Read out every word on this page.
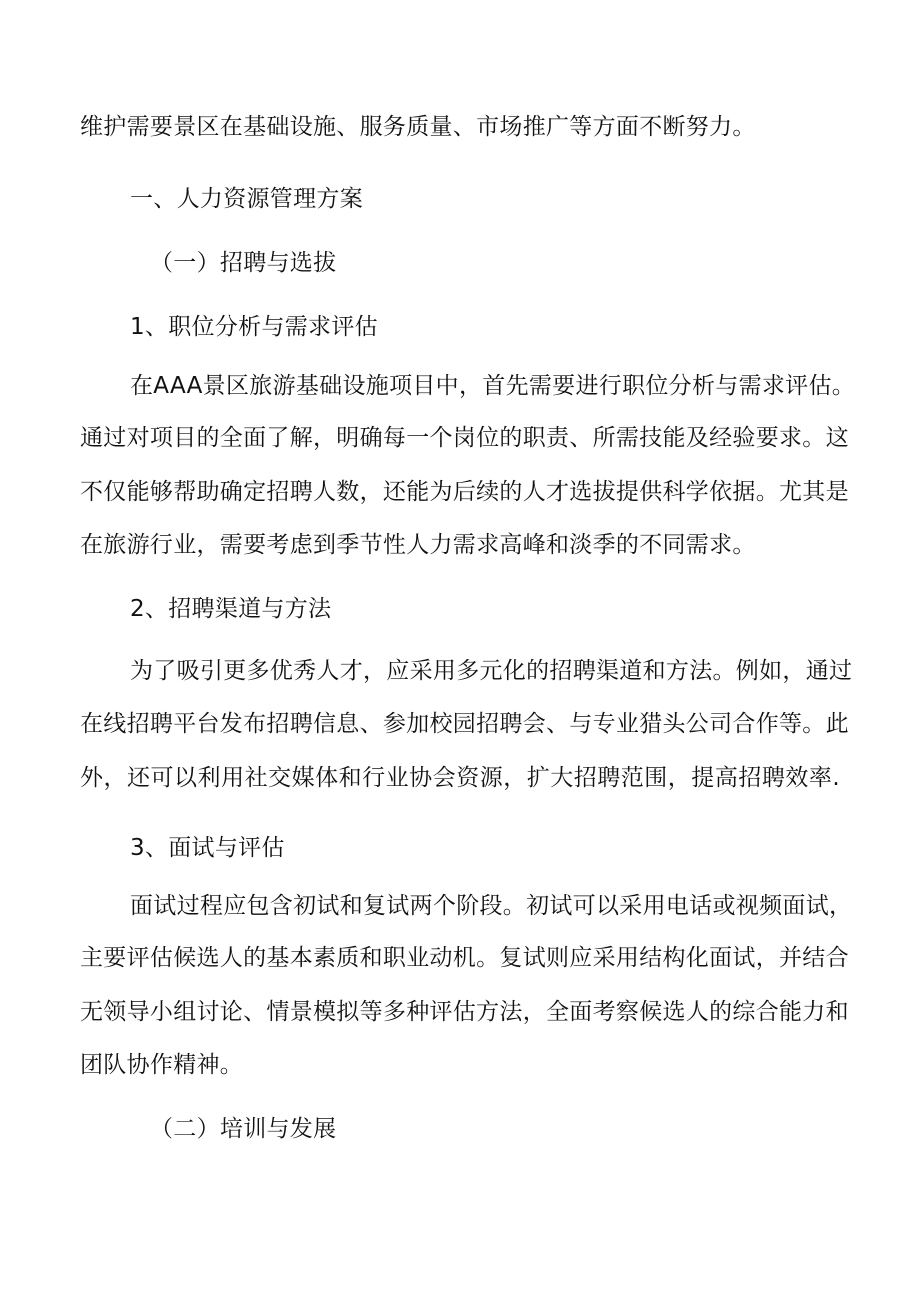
维护需要景区在基础设施、服务质量、市场推广等方面不断努力。
一、人力资源管理方案
（一）招聘与选拔
1、职位分析与需求评估
在AAA景区旅游基础设施项目中，首先需要进行职位分析与需求评估。
通过对项目的全面了解，明确每一个岗位的职责、所需技能及经验要求。这
不仅能够帮助确定招聘人数，还能为后续的人才选拔提供科学依据。尤其是
在旅游行业，需要考虑到季节性人力需求高峰和淡季的不同需求。
2、招聘渠道与方法
为了吸引更多优秀人才，应采用多元化的招聘渠道和方法。例如，通过
在线招聘平台发布招聘信息、参加校园招聘会、与专业猎头公司合作等。此
外，还可以利用社交媒体和行业协会资源，扩大招聘范围，提高招聘效率.
3、面试与评估
面试过程应包含初试和复试两个阶段。初试可以采用电话或视频面试，
主要评估候选人的基本素质和职业动机。复试则应采用结构化面试，并结合
无领导小组讨论、情景模拟等多种评估方法，全面考察候选人的综合能力和
团队协作精神。
（二）培训与发展
